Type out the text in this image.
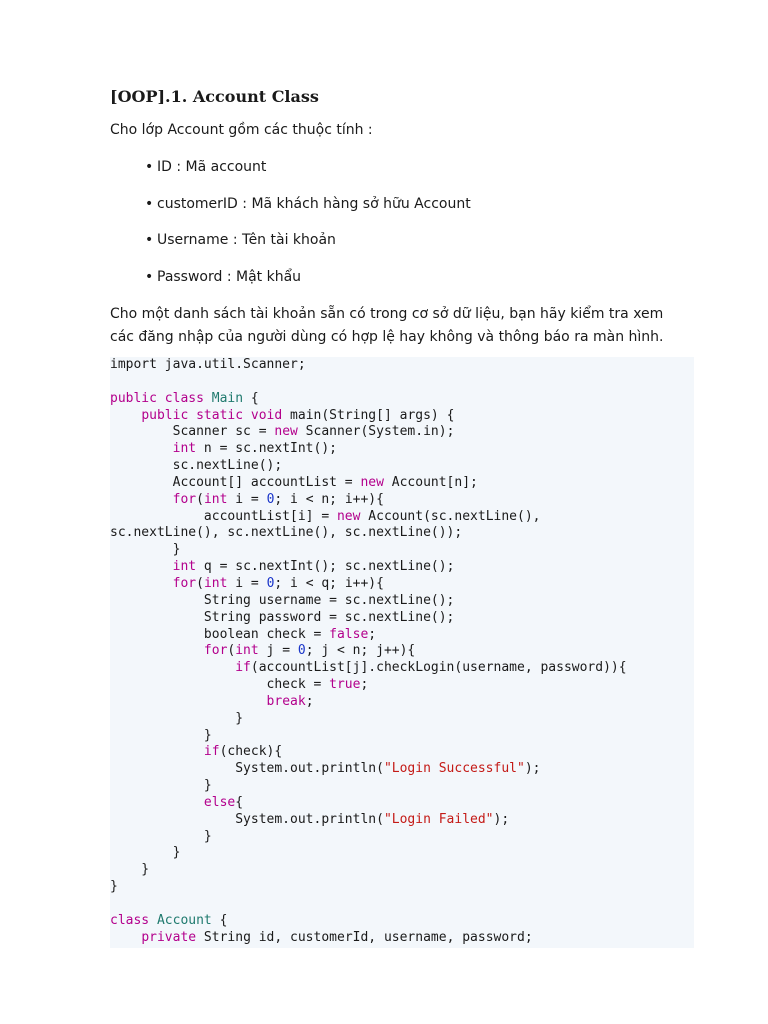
[OOP].1. Account Class

Cho lớp Account gồm các thuộc tính :

• ID : Mã account
• customerID : Mã khách hàng sở hữu Account
• Username : Tên tài khoản
• Password : Mật khẩu

Cho một danh sách tài khoản sẵn có trong cơ sở dữ liệu, bạn hãy kiểm tra xem
các đăng nhập của người dùng có hợp lệ hay không và thông báo ra màn hình.

import java.util.Scanner;
public class Main {
public static void main(String[] args) {
Scanner sc = new Scanner(System.in);
int n = sc.nextInt();
sc.nextLine();
Account[] accountList = new Account[n];
for(int i = 0; i < n; i++){
accountList[i] = new Account(sc.nextLine(),
sc.nextLine(), sc.nextLine(), sc.nextLine());
}
int q = sc.nextInt(); sc.nextLine();
for(int i = 0; i < q; i++){
String username = sc.nextLine();
String password = sc.nextLine();
boolean check = false;
for(int j = 0; j < n; j++){
if(accountList[j].checkLogin(username, password)){
check = true;
break;
}
}
if(check){
System.out.println("Login Successful");
}
else{
System.out.println("Login Failed");
}
}
}
}
class Account {
private String id, customerId, username, password;
